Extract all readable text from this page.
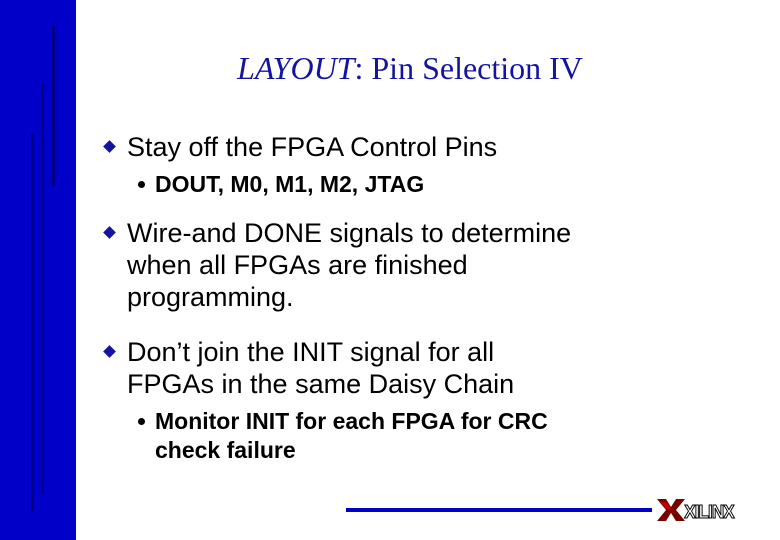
LAYOUT: Pin Selection IV
Stay off the FPGA Control Pins
DOUT, M0, M1, M2, JTAG
Wire-and DONE signals to determine
when all FPGAs are finished
programming.
Don’t join the INIT signal for all
FPGAs in the same Daisy Chain
Monitor INIT for each FPGA for CRC
check failure
XILINX
